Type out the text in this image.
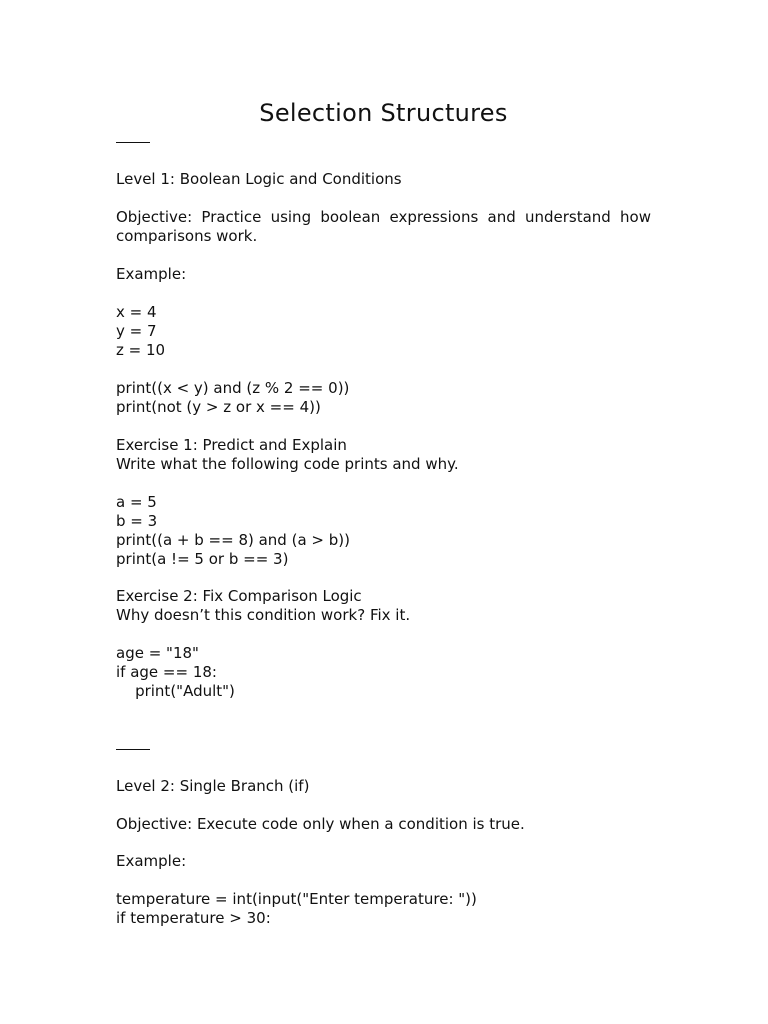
Selection Structures

Level 1: Boolean Logic and Conditions

Objective: Practice using boolean expressions and understand how comparisons work.

Example:

x = 4

y = 7

z = 10

print((x < y) and (z % 2 == 0))

print(not (y > z or x == 4))

Exercise 1: Predict and Explain

Write what the following code prints and why.

a = 5

b = 3

print((a + b == 8) and (a > b))

print(a != 5 or b == 3)

Exercise 2: Fix Comparison Logic

Why doesn’t this condition work? Fix it.

age = "18"

if age == 18:

print("Adult")

Level 2: Single Branch (if)

Objective: Execute code only when a condition is true.

Example:

temperature = int(input("Enter temperature: "))

if temperature > 30:
